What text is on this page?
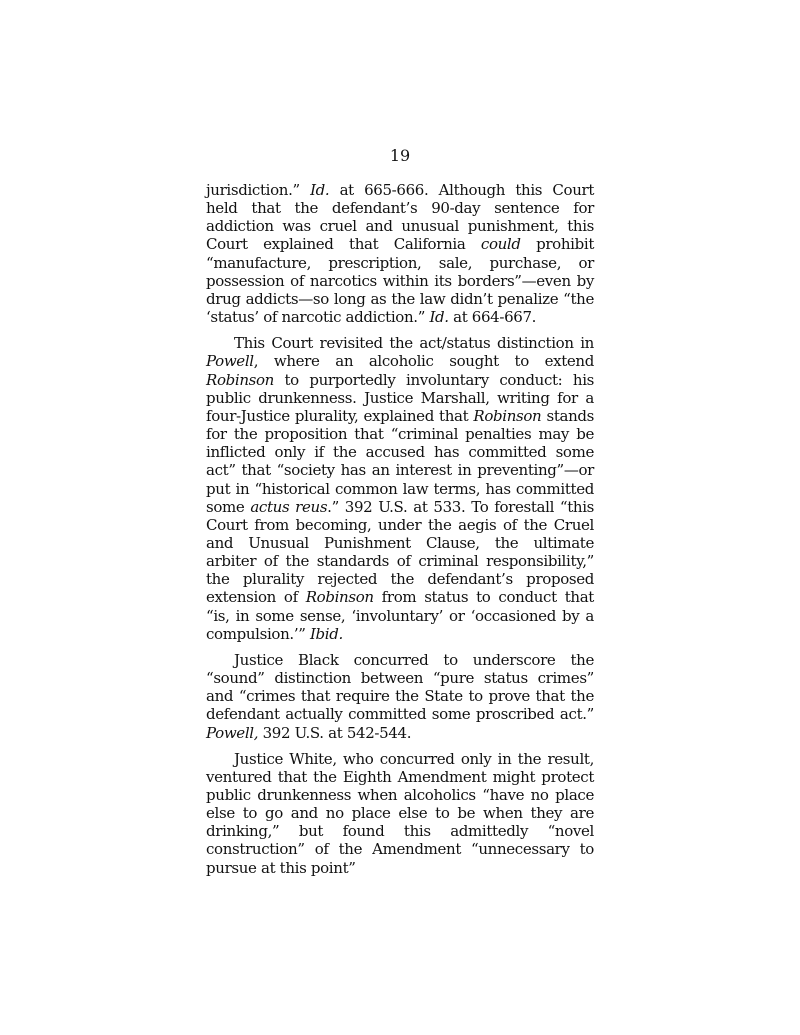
19

jurisdiction.” Id. at 665-666. Although this Court held that the defendant’s 90-day sentence for addiction was cruel and unusual punishment, this Court explained that California could prohibit “manufacture, prescription, sale, purchase, or possession of narcotics within its borders”—even by drug addicts—so long as the law didn’t penalize “the ‘status’ of narcotic addiction.” Id. at 664-667.

This Court revisited the act/status distinction in Powell, where an alcoholic sought to extend Robinson to purportedly involuntary conduct: his public drunkenness. Justice Marshall, writing for a four-Justice plurality, explained that Robinson stands for the proposition that “criminal penalties may be inflicted only if the accused has committed some act” that “society has an interest in preventing”—or put in “historical common law terms, has committed some actus reus.” 392 U.S. at 533. To forestall “this Court from becoming, under the aegis of the Cruel and Unusual Punishment Clause, the ultimate arbiter of the standards of criminal responsibility,” the plurality rejected the defendant’s proposed extension of Robinson from status to conduct that “is, in some sense, ‘involuntary’ or ‘occasioned by a compulsion.’” Ibid.

Justice Black concurred to underscore the “sound” distinction between “pure status crimes” and “crimes that require the State to prove that the defendant actually committed some proscribed act.” Powell, 392 U.S. at 542-544.

Justice White, who concurred only in the result, ventured that the Eighth Amendment might protect public drunkenness when alcoholics “have no place else to go and no place else to be when they are drinking,” but found this admittedly “novel construction” of the Amendment “unnecessary to pursue at this point”
